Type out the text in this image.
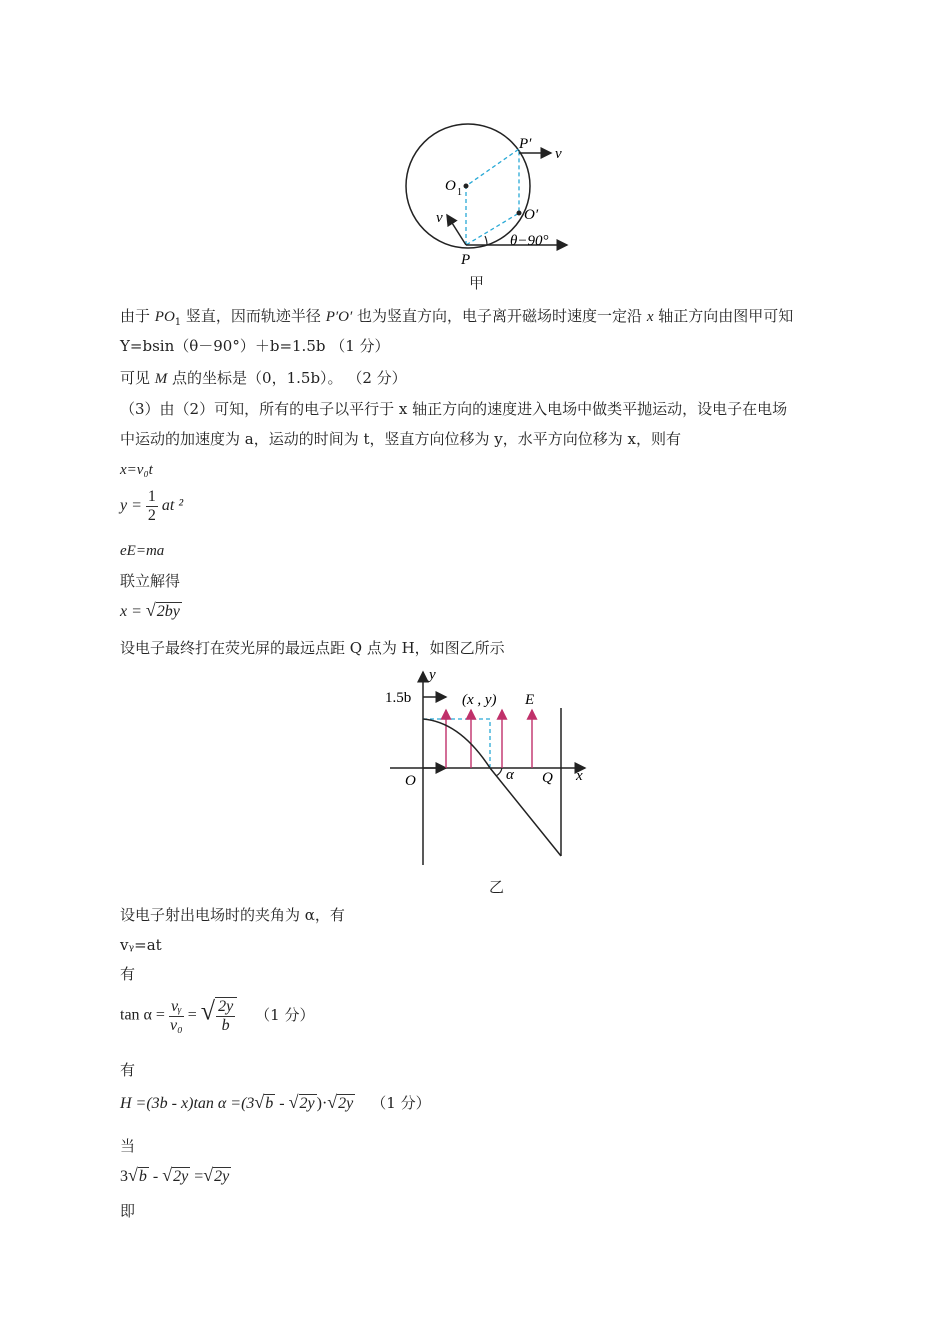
O 1
P′
v
O′
v
θ−90°
P
甲
由于 $PO_1$ 竖直，因而轨迹半径 P′O′ 也为竖直方向，电子离开磁场时速度一定沿 x 轴正方向由图甲可知
Y=bsin（θ－90°）＋b=1.5b （1 分）
可见 M 点的坐标是（0，1.5b）。 （2 分）
（3）由（2）可知，所有的电子以平行于 x 轴正方向的速度进入电场中做类平抛运动，设电子在电场
中运动的加速度为 a，运动的时间为 t，竖直方向位移为 y，水平方向位移为 x，则有
x=v₀t
$y = \frac{1}{2}$ at ²
eE=ma
联立解得
x = √2by
设电子最终打在荧光屏的最远点距 Q 点为 H，如图乙所示
y
1.5b	(x , y) E
O	α Q x
乙
设电子射出电场时的夹角为 α，有
vᵧ=at
有
$\tan \alpha = \frac{\text{vᵧ}}{\text{v₀}}$ = √ $\frac{2y}{b} (1$ 分）
有
H =(3b - x)tan α =(3√b - √2y )·√2y （1 分）
当
3√b - √2y =√2y
即
